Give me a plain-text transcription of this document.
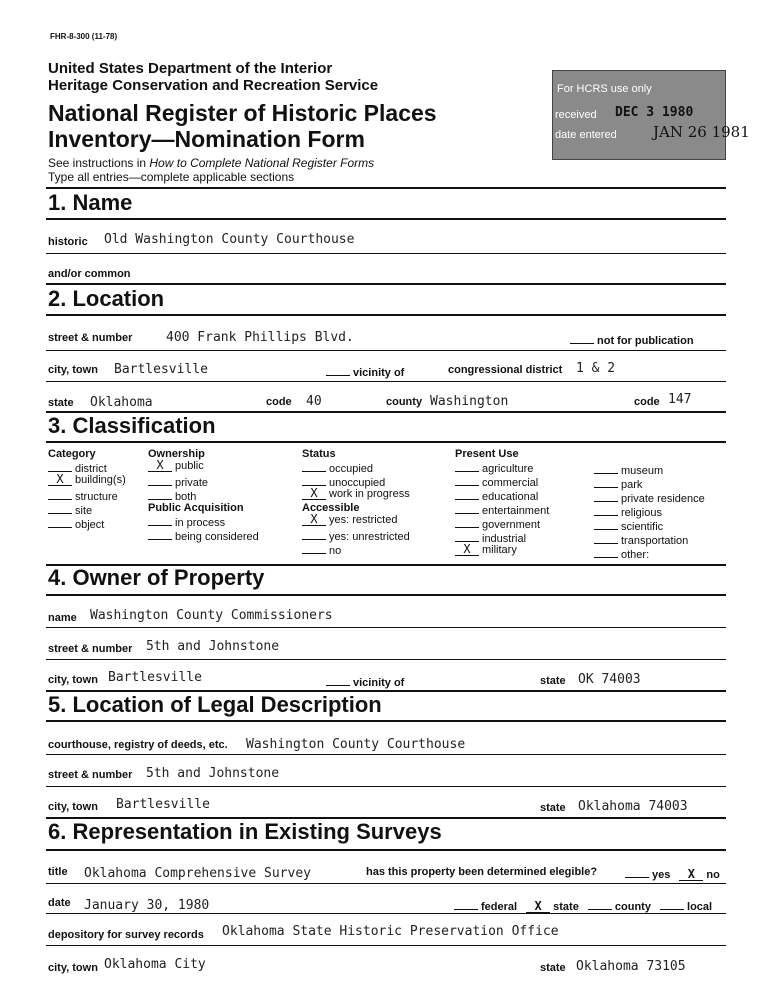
FHR-8-300 (11-78)
United States Department of the Interior
Heritage Conservation and Recreation Service
National Register of Historic Places
Inventory—Nomination Form
See instructions in How to Complete National Register Forms
Type all entries—complete applicable sections
For HCRS use only
received DEC 3 1980
date entered JAN 26 1981
1. Name
historic Old Washington County Courthouse
and/or common
2. Location
street & number	400 Frank Phillips Blvd.	not for publication
city, town Bartlesville	vicinity of	congressional district 1 & 2
state Oklahoma	code 40	county Washington	code 147
3. Classification
Category
district
X building(s)
structure
site
object
Ownership
X public
private
both
Public Acquisition
in process
being considered
Status
occupied
unoccupied
X work in progress
Accessible
X yes: restricted
yes: unrestricted
no
Present Use
agriculture
commercial
educational
entertainment
government
industrial
X military
museum
park
private residence
religious
scientific
transportation
other:
4. Owner of Property
name Washington County Commissioners
street & number 5th and Johnstone
city, town Bartlesville	vicinity of	state OK 74003
5. Location of Legal Description
courthouse, registry of deeds, etc. Washington County Courthouse
street & number 5th and Johnstone
city, town Bartlesville	state Oklahoma 74003
6. Representation in Existing Surveys
title Oklahoma Comprehensive Survey	has this property been determined elegible?	yes X no
date January 30, 1980	federal X state	county	local
depository for survey records Oklahoma State Historic Preservation Office
city, town Oklahoma City	state Oklahoma 73105
